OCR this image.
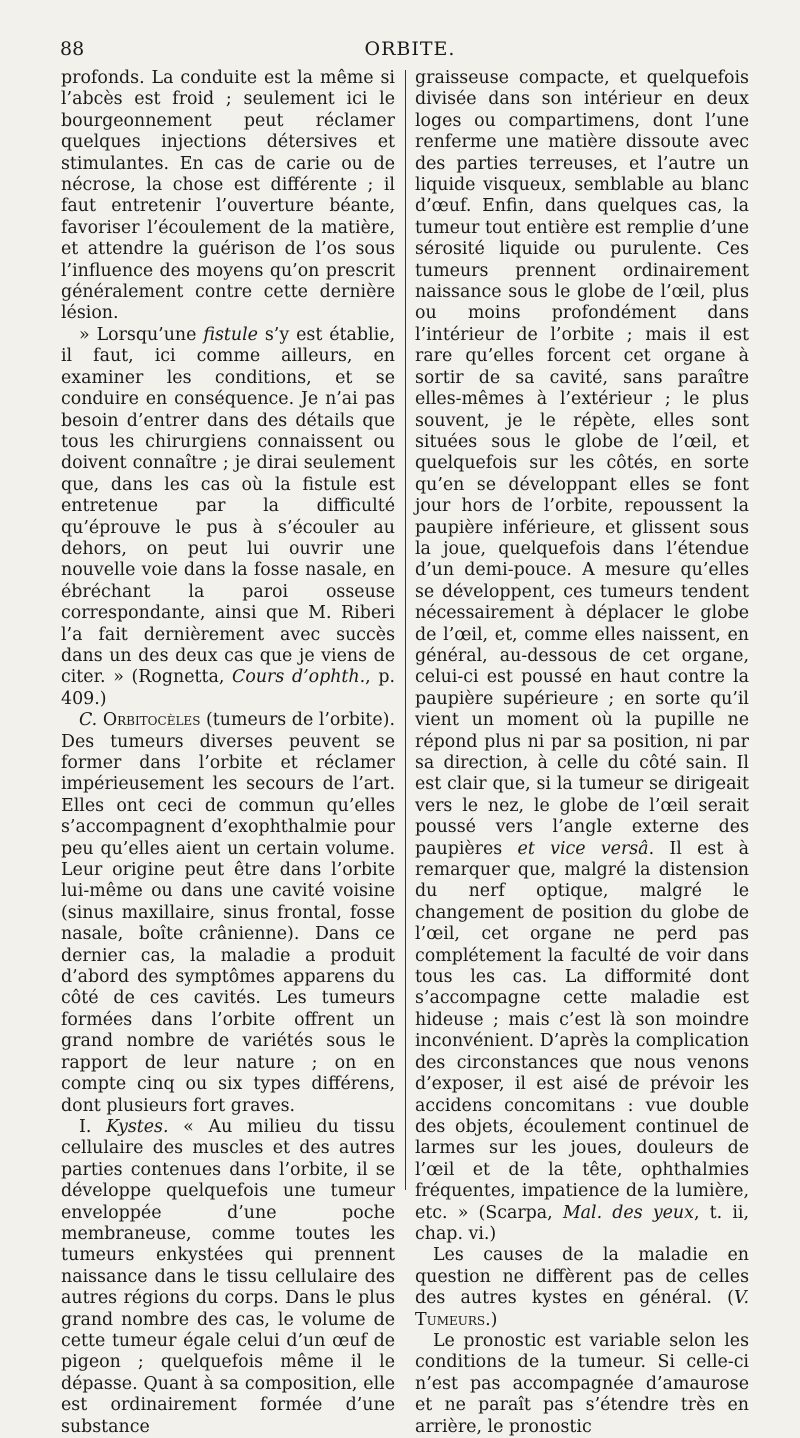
88	ORBITE.

profonds. La conduite est la même si l’abcès est froid ; seulement ici le bourgeonnement peut réclamer quelques injections détersives et stimulantes. En cas de carie ou de nécrose, la chose est différente ; il faut entretenir l’ouverture béante, favoriser l’écoulement de la matière, et attendre la guérison de l’os sous l’influence des moyens qu’on prescrit généralement contre cette dernière lésion.

» Lorsqu’une fistule s’y est établie, il faut, ici comme ailleurs, en examiner les conditions, et se conduire en conséquence. Je n’ai pas besoin d’entrer dans des détails que tous les chirurgiens connaissent ou doivent connaître ; je dirai seulement que, dans les cas où la fistule est entretenue par la difficulté qu’éprouve le pus à s’écouler au dehors, on peut lui ouvrir une nouvelle voie dans la fosse nasale, en ébréchant la paroi osseuse correspondante, ainsi que M. Riberi l’a fait dernièrement avec succès dans un des deux cas que je viens de citer. » (Rognetta, Cours d’ophth., p. 409.)

C. Orbitocèles (tumeurs de l’orbite). Des tumeurs diverses peuvent se former dans l’orbite et réclamer impérieusement les secours de l’art. Elles ont ceci de commun qu’elles s’accompagnent d’exophthalmie pour peu qu’elles aient un certain volume. Leur origine peut être dans l’orbite lui-même ou dans une cavité voisine (sinus maxillaire, sinus frontal, fosse nasale, boîte crânienne). Dans ce dernier cas, la maladie a produit d’abord des symptômes apparens du côté de ces cavités. Les tumeurs formées dans l’orbite offrent un grand nombre de variétés sous le rapport de leur nature ; on en compte cinq ou six types différens, dont plusieurs fort graves.

I. Kystes. « Au milieu du tissu cellulaire des muscles et des autres parties contenues dans l’orbite, il se développe quelquefois une tumeur enveloppée d’une poche membraneuse, comme toutes les tumeurs enkystées qui prennent naissance dans le tissu cellulaire des autres régions du corps. Dans le plus grand nombre des cas, le volume de cette tumeur égale celui d’un œuf de pigeon ; quelquefois même il le dépasse. Quant à sa composition, elle est ordinairement formée d’une substance

graisseuse compacte, et quelquefois divisée dans son intérieur en deux loges ou compartimens, dont l’une renferme une matière dissoute avec des parties terreuses, et l’autre un liquide visqueux, semblable au blanc d’œuf. Enfin, dans quelques cas, la tumeur tout entière est remplie d’une sérosité liquide ou purulente. Ces tumeurs prennent ordinairement naissance sous le globe de l’œil, plus ou moins profondément dans l’intérieur de l’orbite ; mais il est rare qu’elles forcent cet organe à sortir de sa cavité, sans paraître elles-mêmes à l’extérieur ; le plus souvent, je le répète, elles sont situées sous le globe de l’œil, et quelquefois sur les côtés, en sorte qu’en se développant elles se font jour hors de l’orbite, repoussent la paupière inférieure, et glissent sous la joue, quelquefois dans l’étendue d’un demi-pouce. A mesure qu’elles se développent, ces tumeurs tendent nécessairement à déplacer le globe de l’œil, et, comme elles naissent, en général, au-dessous de cet organe, celui-ci est poussé en haut contre la paupière supérieure ; en sorte qu’il vient un moment où la pupille ne répond plus ni par sa position, ni par sa direction, à celle du côté sain. Il est clair que, si la tumeur se dirigeait vers le nez, le globe de l’œil serait poussé vers l’angle externe des paupières et vice versâ. Il est à remarquer que, malgré la distension du nerf optique, malgré le changement de position du globe de l’œil, cet organe ne perd pas complétement la faculté de voir dans tous les cas. La difformité dont s’accompagne cette maladie est hideuse ; mais c’est là son moindre inconvénient. D’après la complication des circonstances que nous venons d’exposer, il est aisé de prévoir les accidens concomitans : vue double des objets, écoulement continuel de larmes sur les joues, douleurs de l’œil et de la tête, ophthalmies fréquentes, impatience de la lumière, etc. » (Scarpa, Mal. des yeux, t. ii, chap. vi.)

Les causes de la maladie en question ne diffèrent pas de celles des autres kystes en général. (V. Tumeurs.)

Le pronostic est variable selon les conditions de la tumeur. Si celle-ci n’est pas accompagnée d’amaurose et ne paraît pas s’étendre très en arrière, le pronostic
